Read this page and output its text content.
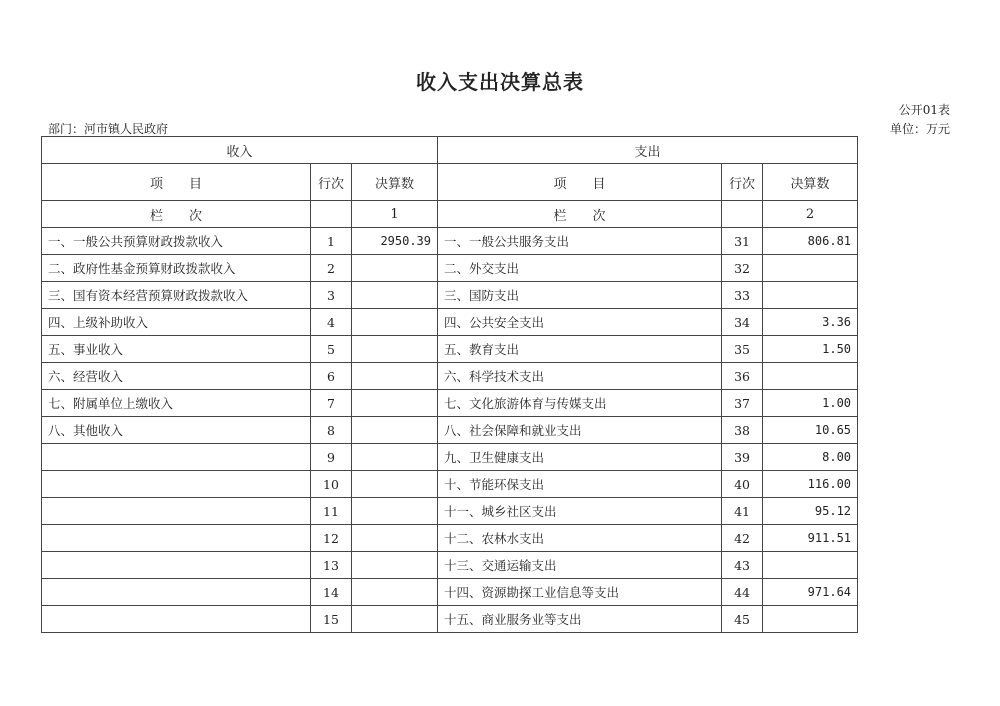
收入支出决算总表
公开01表
部门：河市镇人民政府	单位：万元
收入			支出		
项　　目	行次	决算数	项　　目	行次	决算数
栏　　次		1	栏　　次		2
一、一般公共预算财政拨款收入	1	2950.39	一、一般公共服务支出	31	806.81
二、政府性基金预算财政拨款收入	2		二、外交支出	32	
三、国有资本经营预算财政拨款收入	3		三、国防支出	33	
四、上级补助收入	4		四、公共安全支出	34	3.36
五、事业收入	5		五、教育支出	35	1.50
六、经营收入	6		六、科学技术支出	36	
七、附属单位上缴收入	7		七、文化旅游体育与传媒支出	37	1.00
八、其他收入	8		八、社会保障和就业支出	38	10.65
	9		九、卫生健康支出	39	8.00
	10		十、节能环保支出	40	116.00
	11		十一、城乡社区支出	41	95.12
	12		十二、农林水支出	42	911.51
	13		十三、交通运输支出	43	
	14		十四、资源勘探工业信息等支出	44	971.64
	15		十五、商业服务业等支出	45	
